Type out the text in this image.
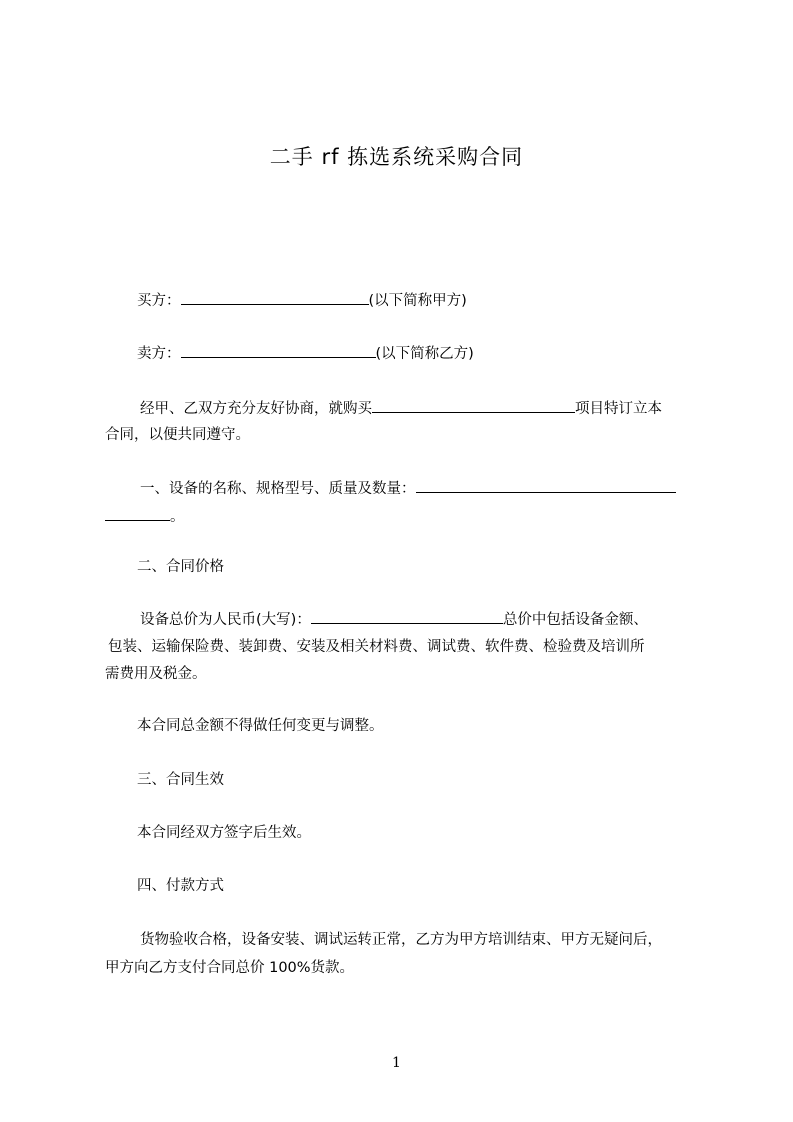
二手 rf 拣选系统采购合同
买方：	(以下简称甲方)
卖方：	(以下简称乙方)
经甲、乙双方充分友好协商，就购买	项目特订立本
合同，以便共同遵守。
一、设备的名称、规格型号、质量及数量：
。
二、合同价格
设备总价为人民币(大写)：	总价中包括设备金额、
包装、运输保险费、装卸费、安装及相关材料费、调试费、软件费、检验费及培训所
需费用及税金。
本合同总金额不得做任何变更与调整。
三、合同生效
本合同经双方签字后生效。
四、付款方式
货物验收合格，设备安装、调试运转正常，乙方为甲方培训结束、甲方无疑问后，
甲方向乙方支付合同总价 100%货款。
1
